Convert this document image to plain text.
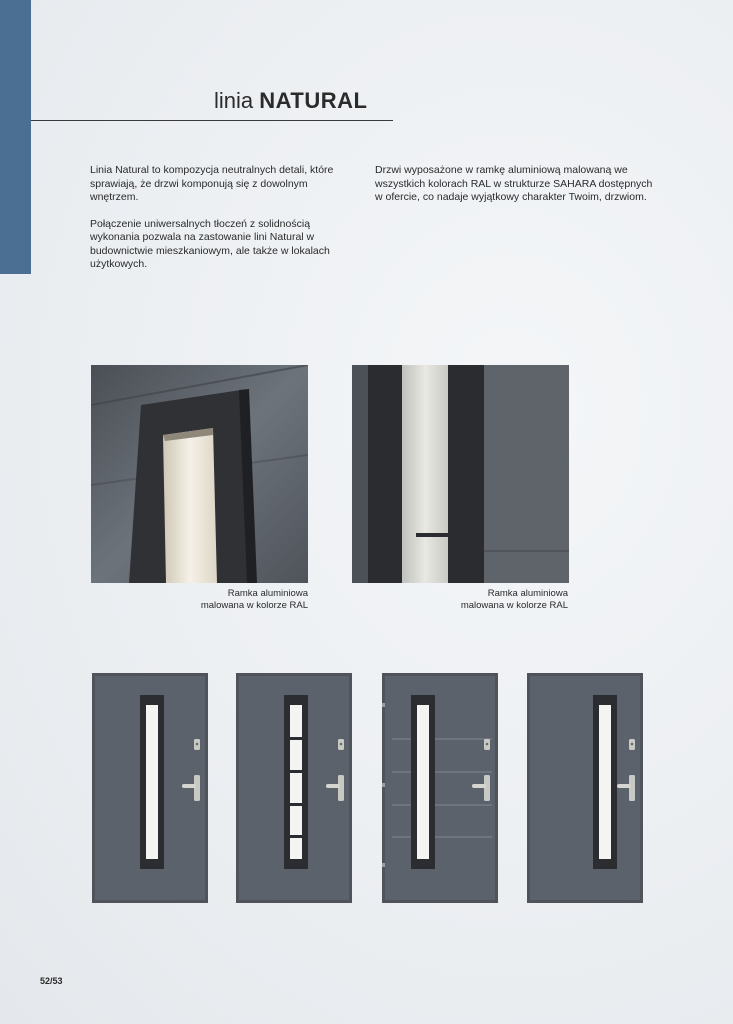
linia NATURAL

Linia Natural to kompozycja neutralnych detali, które sprawiają, że drzwi komponują się z dowolnym wnętrzem.

Połączenie uniwersalnych tłoczeń z solidnością wykonania pozwala na zastowanie lini Natural w budownictwie mieszkaniowym, ale także w lokalach użytkowych.

Drzwi wyposażone w ramkę aluminiową malowaną we wszystkich kolorach RAL w strukturze SAHARA dostępnych w ofercie, co nadaje wyjątkowy charakter Twoim, drzwiom.

Ramka aluminiowa
malowana w kolorze RAL
Ramka aluminiowa
malowana w kolorze RAL
52/53
